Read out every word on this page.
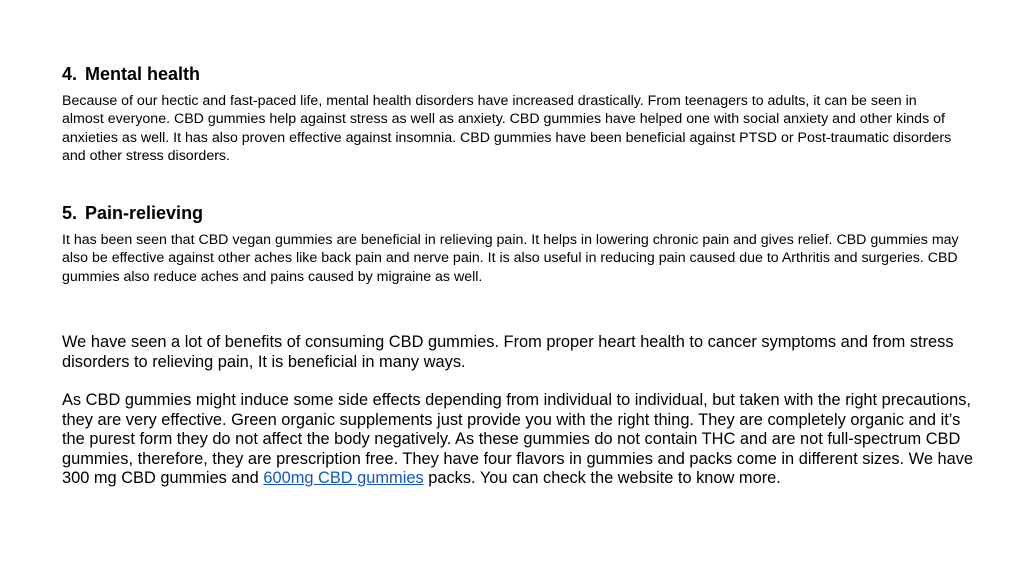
4. Mental health

Because of our hectic and fast-paced life, mental health disorders have increased drastically. From teenagers to adults, it can be seen in almost everyone. CBD gummies help against stress as well as anxiety. CBD gummies have helped one with social anxiety and other kinds of anxieties as well. It has also proven effective against insomnia. CBD gummies have been beneficial against PTSD or Post-traumatic disorders and other stress disorders.

5. Pain-relieving

It has been seen that CBD vegan gummies are beneficial in relieving pain. It helps in lowering chronic pain and gives relief. CBD gummies may also be effective against other aches like back pain and nerve pain. It is also useful in reducing pain caused due to Arthritis and surgeries. CBD gummies also reduce aches and pains caused by migraine as well.

We have seen a lot of benefits of consuming CBD gummies. From proper heart health to cancer symptoms and from stress disorders to relieving pain, It is beneficial in many ways.

As CBD gummies might induce some side effects depending from individual to individual, but taken with the right precautions, they are very effective. Green organic supplements just provide you with the right thing. They are completely organic and it’s the purest form they do not affect the body negatively. As these gummies do not contain THC and are not full-spectrum CBD gummies, therefore, they are prescription free. They have four flavors in gummies and packs come in different sizes. We have 300 mg CBD gummies and 600mg CBD gummies packs. You can check the website to know more.
